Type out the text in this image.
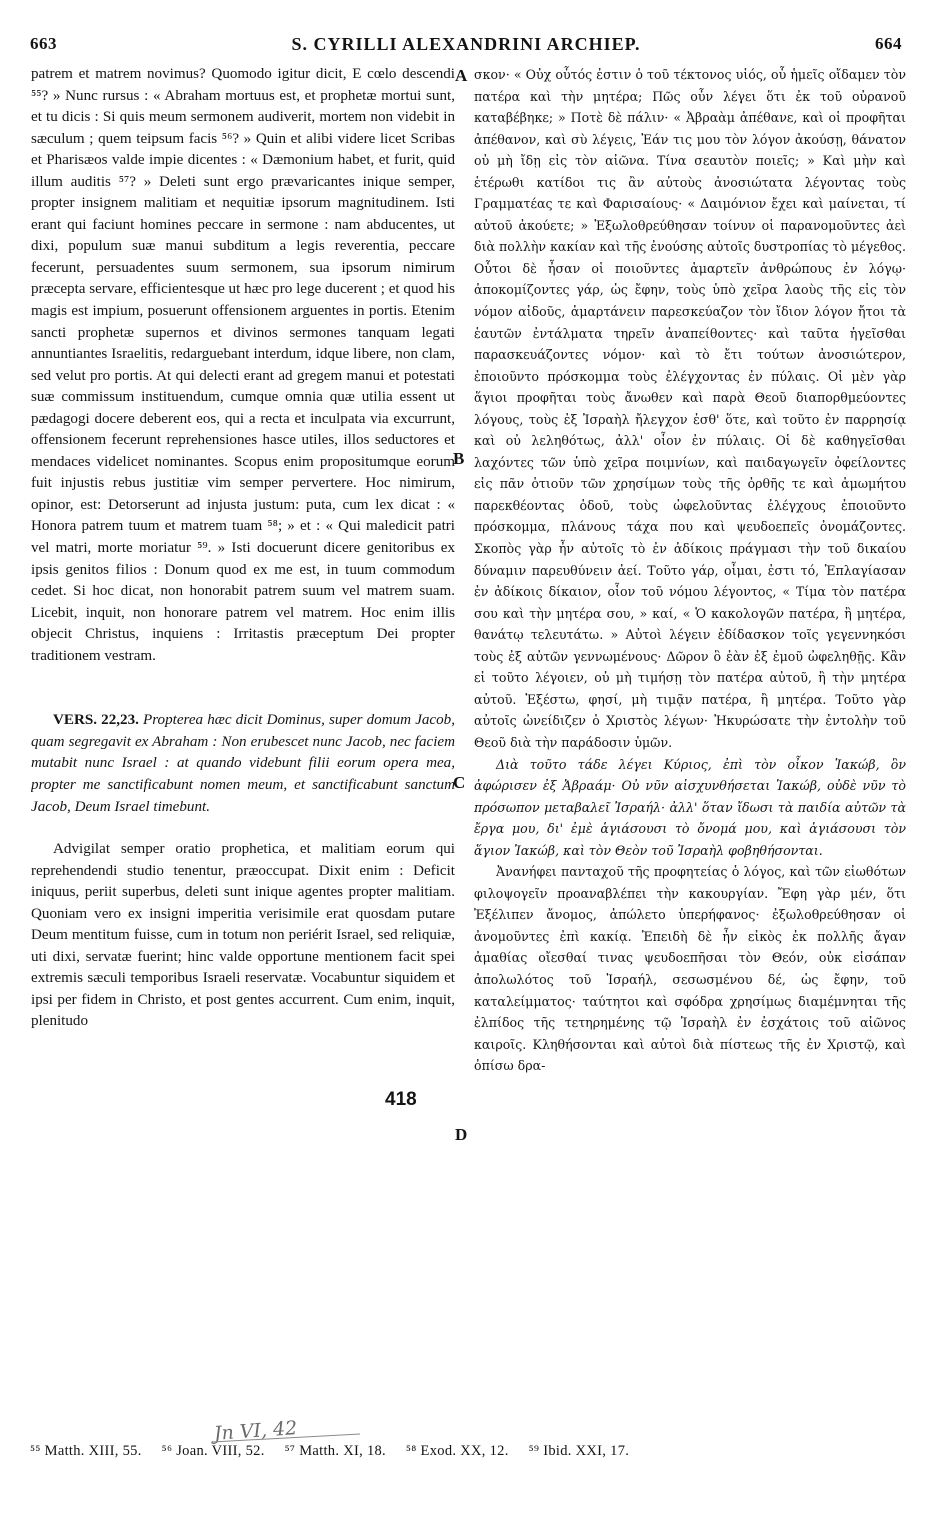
663	S. CYRILLI ALEXANDRINI ARCHIEP.	664

patrem et matrem novimus? Quomodo igitur dicit, E cœlo descendi ⁵⁵? » Nunc rursus : « Abraham mortuus est, et prophetæ mortui sunt, et tu dicis : Si quis meum sermonem audiverit, mortem non videbit in sæculum ; quem teipsum facis ⁵⁶? » Quin et alibi videre licet Scribas et Pharisæos valde impie dicentes : « Dæmonium habet, et furit, quid illum auditis ⁵⁷? » Deleti sunt ergo prævaricantes inique semper, propter insignem malitiam et nequitiæ ipsorum magnitudinem. Isti erant qui faciunt homines peccare in sermone : nam abducentes, ut dixi, populum suæ manui subditum a legis reverentia, peccare fecerunt, persuadentes suum sermonem, sua ipsorum nimirum præcepta servare, efficientesque ut hæc pro lege ducerent ; et quod his magis est impium, posuerunt offensionem arguentes in portis. Etenim sancti prophetæ supernos et divinos sermones tanquam legati annuntiantes Israelitis, redarguebant interdum, idque libere, non clam, sed velut pro portis. At qui delecti erant ad gregem manui et potestati suæ commissum instituendum, cumque omnia quæ utilia essent ut pædagogi docere deberent eos, qui a recta et inculpata via excurrunt, offensionem fecerunt reprehensiones hasce utiles, illos seductores et mendaces videlicet nominantes. Scopus enim propositumque eorum fuit injustis rebus justitiæ vim semper pervertere. Hoc nimirum, opinor, est: Detorserunt ad injusta justum: puta, cum lex dicat : « Honora patrem tuum et matrem tuam ⁵⁸; » et : « Qui maledicit patri vel matri, morte moriatur ⁵⁹. » Isti docuerunt dicere genitoribus ex ipsis genitos filios : Donum quod ex me est, in tuum commodum cedet. Si hoc dicat, non honorabit patrem suum vel matrem suam. Licebit, inquit, non honorare patrem vel matrem. Hoc enim illis objecit Christus, inquiens : Irritastis præceptum Dei propter traditionem vestram.

VERS. 22,23. Propterea hæc dicit Dominus, super domum Jacob, quam segregavit ex Abraham : Non erubescet nunc Jacob, nec faciem mutabit nunc Israel : at quando videbunt filii eorum opera mea, propter me sanctificabunt nomen meum, et sanctificabunt sanctum Jacob, Deum Israel timebunt.

Advigilat semper oratio prophetica, et malitiam eorum qui reprehendendi studio tenentur, præoccupat. Dixit enim : Deficit iniquus, periit superbus, deleti sunt inique agentes propter malitiam. Quoniam vero ex insigni imperitia verisimile erat quosdam putare Deum mentitum fuisse, cum in totum non periérit Israel, sed reliquiæ, uti dixi, servatæ fuerint; hinc valde opportune mentionem facit spei extremis sæculi temporibus Israeli reservatæ. Vocabuntur siquidem et ipsi per fidem in Christo, et post gentes accurrent. Cum enim, inquit, plenitudo

σκον· « Οὐχ οὗτός ἐστιν ὁ τοῦ τέκτονος υἱός, οὗ ἡμεῖς οἴδαμεν τὸν πατέρα καὶ τὴν μητέρα; Πῶς οὖν λέγει ὅτι ἐκ τοῦ οὐρανοῦ καταβέβηκε; » Ποτὲ δὲ πάλιν· « Ἀβραὰμ ἀπέθανε, καὶ οἱ προφῆται ἀπέθανον, καὶ σὺ λέγεις, Ἐάν τις μου τὸν λόγον ἀκούσῃ, θάνατον οὐ μὴ ἴδῃ εἰς τὸν αἰῶνα. Τίνα σεαυτὸν ποιεῖς; » Καὶ μὴν καὶ ἑτέρωθι κατίδοι τις ἂν αὐτοὺς ἀνοσιώτατα λέγοντας τοὺς Γραμματέας τε καὶ Φαρισαίους· « Δαιμόνιον ἔχει καὶ μαίνεται, τί αὐτοῦ ἀκούετε; » Ἐξωλοθρεύθησαν τοίνυν οἱ παρανομοῦντες ἀεὶ διὰ πολλὴν κακίαν καὶ τῆς ἐνούσης αὐτοῖς δυστροπίας τὸ μέγεθος. Οὗτοι δὲ ἦσαν οἱ ποιοῦντες ἁμαρτεῖν ἀνθρώπους ἐν λόγῳ· ἀποκομίζοντες γάρ, ὡς ἔφην, τοὺς ὑπὸ χεῖρα λαοὺς τῆς εἰς τὸν νόμον αἰδοῦς, ἁμαρτάνειν παρεσκεύαζον τὸν ἴδιον λόγον ἤτοι τὰ ἑαυτῶν ἐντάλματα τηρεῖν ἀναπείθοντες· καὶ ταῦτα ἡγεῖσθαι παρασκευάζοντες νόμον· καὶ τὸ ἔτι τούτων ἀνοσιώτερον, ἐποιοῦντο πρόσκομμα τοὺς ἐλέγχοντας ἐν πύλαις. Οἱ μὲν γὰρ ἅγιοι προφῆται τοὺς ἄνωθεν καὶ παρὰ Θεοῦ διαπορθμεύοντες λόγους, τοὺς ἐξ Ἰσραὴλ ἤλεγχον ἐσθ' ὅτε, καὶ τοῦτο ἐν παρρησίᾳ καὶ οὐ λεληθότως, ἀλλ' οἷον ἐν πύλαις. Οἱ δὲ καθηγεῖσθαι λαχόντες τῶν ὑπὸ χεῖρα ποιμνίων, καὶ παιδαγωγεῖν ὀφείλοντες εἰς πᾶν ὁτιοῦν τῶν χρησίμων τοὺς τῆς ὀρθῆς τε καὶ ἀμωμήτου παρεκθέοντας ὁδοῦ, τοὺς ὠφελοῦντας ἐλέγχους ἐποιοῦντο πρόσκομμα, πλάνους τάχα που καὶ ψευδοεπεῖς ὀνομάζοντες. Σκοπὸς γὰρ ἦν αὐτοῖς τὸ ἐν ἀδίκοις πράγμασι τὴν τοῦ δικαίου δύναμιν παρευθύνειν ἀεί. Τοῦτο γάρ, οἶμαι, ἐστι τό, Ἐπλαγίασαν ἐν ἀδίκοις δίκαιον, οἷον τοῦ νόμου λέγοντος, « Τίμα τὸν πατέρα σου καὶ τὴν μητέρα σου, » καί, « Ὁ κακολογῶν πατέρα, ἢ μητέρα, θανάτῳ τελευτάτω. » Αὐτοὶ λέγειν ἐδίδασκον τοῖς γεγεννηκόσι τοὺς ἐξ αὐτῶν γεννωμένους· Δῶρον ὃ ἐὰν ἐξ ἐμοῦ ὠφεληθῇς. Κἂν εἰ τοῦτο λέγοιεν, οὐ μὴ τιμήσῃ τὸν πατέρα αὐτοῦ, ἢ τὴν μητέρα αὐτοῦ. Ἐξέστω, φησί, μὴ τιμᾷν πατέρα, ἢ μητέρα. Τοῦτο γὰρ αὐτοῖς ὠνείδιζεν ὁ Χριστὸς λέγων· Ἠκυρώσατε τὴν ἐντολὴν τοῦ Θεοῦ διὰ τὴν παράδοσιν ὑμῶν.

Διὰ τοῦτο τάδε λέγει Κύριος, ἐπὶ τὸν οἶκον Ἰακώβ, ὃν ἀφώρισεν ἐξ Ἀβραάμ· Οὐ νῦν αἰσχυνθήσεται Ἰακώβ, οὐδὲ νῦν τὸ πρόσωπον μεταβαλεῖ Ἰσραήλ· ἀλλ' ὅταν ἴδωσι τὰ παιδία αὐτῶν τὰ ἔργα μου, δι' ἐμὲ ἁγιάσουσι τὸ ὄνομά μου, καὶ ἁγιάσουσι τὸν ἅγιον Ἰακώβ, καὶ τὸν Θεὸν τοῦ Ἰσραὴλ φοβηθήσονται.

Ἀνανήφει πανταχοῦ τῆς προφητείας ὁ λόγος, καὶ τῶν εἰωθότων φιλοψογεῖν προαναβλέπει τὴν κακουργίαν. Ἔφη γὰρ μέν, ὅτι Ἐξέλιπεν ἄνομος, ἀπώλετο ὑπερήφανος· ἐξωλοθρεύθησαν οἱ ἀνομοῦντες ἐπὶ κακίᾳ. Ἐπειδὴ δὲ ἦν εἰκὸς ἐκ πολλῆς ἄγαν ἀμαθίας οἴεσθαί τινας ψευδοεπῆσαι τὸν Θεόν, οὐκ εἰσάπαν ἀπολωλότος τοῦ Ἰσραήλ, σεσωσμένου δέ, ὡς ἔφην, τοῦ καταλείμματος· ταύτητοι καὶ σφόδρα χρησίμως διαμέμνηται τῆς ἐλπίδος τῆς τετηρημένης τῷ Ἰσραὴλ ἐν ἐσχάτοις τοῦ αἰῶνος καιροῖς. Κληθήσονται καὶ αὐτοὶ διὰ πίστεως τῆς ἐν Χριστῷ, καὶ ὀπίσω δρα-

A
B
C
D
418
Jn VI, 42
⁵⁵ Matth. XIII, 55. ⁵⁶ Joan. VIII, 52. ⁵⁷ Matth. XI, 18. ⁵⁸ Exod. XX, 12. ⁵⁹ Ibid. XXI, 17.
